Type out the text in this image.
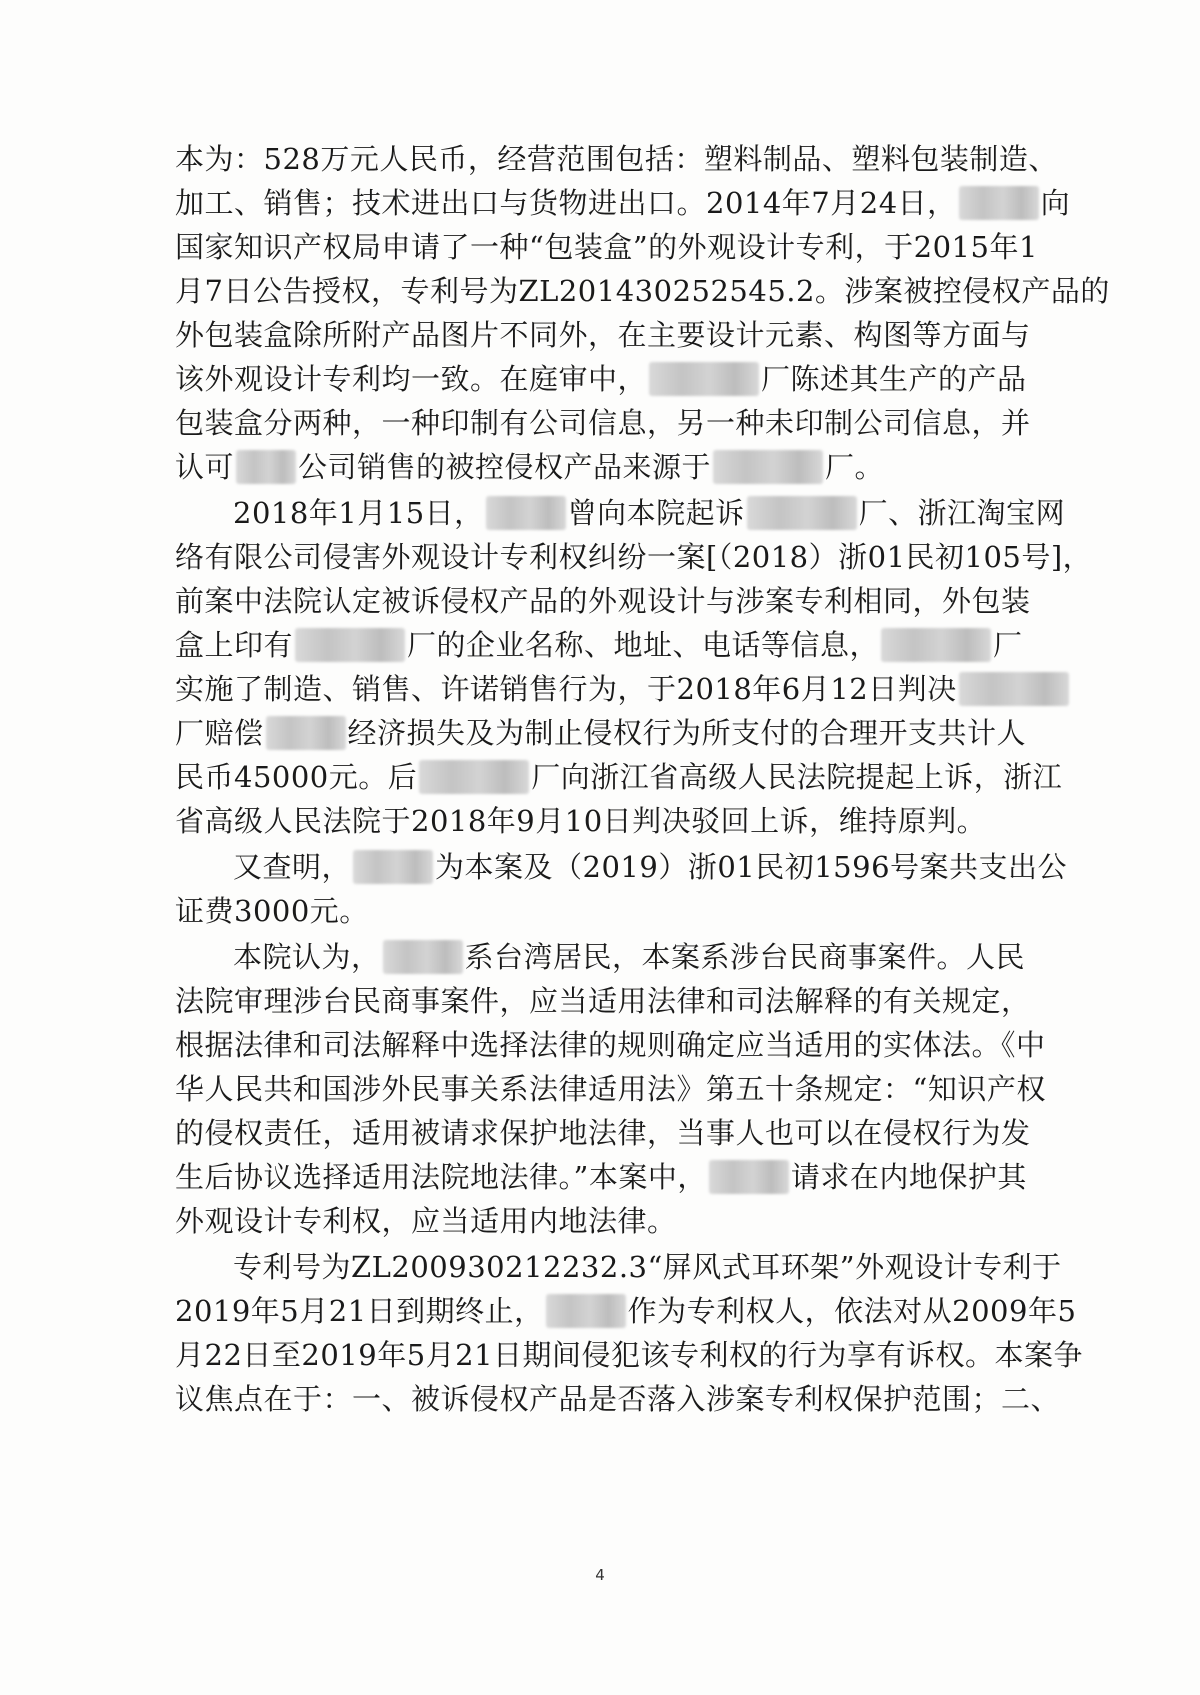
本为：528万元人民币，经营范围包括：塑料制品、塑料包装制造、
加工、销售；技术进出口与货物进出口。2014年7月24日，	向
国家知识产权局申请了一种“包装盒”的外观设计专利，于2015年1
月7日公告授权，专利号为ZL201430252545.2。涉案被控侵权产品的
外包装盒除所附产品图片不同外，在主要设计元素、构图等方面与
该外观设计专利均一致。在庭审中，	厂陈述其生产的产品
包装盒分两种，一种印制有公司信息，另一种未印制公司信息，并
认可 公司销售的被控侵权产品来源于	厂。
2018年1月15日，	曾向本院起诉	厂、浙江淘宝网
络有限公司侵害外观设计专利权纠纷一案[（2018）浙01民初105号]，
前案中法院认定被诉侵权产品的外观设计与涉案专利相同，外包装
盒上印有	厂的企业名称、地址、电话等信息，	厂
实施了制造、销售、许诺销售行为，于2018年6月12日判决
厂赔偿	经济损失及为制止侵权行为所支付的合理开支共计人
民币45000元。后	厂向浙江省高级人民法院提起上诉，浙江
省高级人民法院于2018年9月10日判决驳回上诉，维持原判。
又查明，	为本案及（2019）浙01民初1596号案共支出公
证费3000元。
本院认为，	系台湾居民，本案系涉台民商事案件。人民
法院审理涉台民商事案件，应当适用法律和司法解释的有关规定，
根据法律和司法解释中选择法律的规则确定应当适用的实体法。《中
华人民共和国涉外民事关系法律适用法》第五十条规定：“知识产权
的侵权责任，适用被请求保护地法律，当事人也可以在侵权行为发
生后协议选择适用法院地法律。”本案中，	请求在内地保护其
外观设计专利权，应当适用内地法律。
专利号为ZL200930212232.3“屏风式耳环架”外观设计专利于
2019年5月21日到期终止，	作为专利权人，依法对从2009年5
月22日至2019年5月21日期间侵犯该专利权的行为享有诉权。本案争
议焦点在于：一、被诉侵权产品是否落入涉案专利权保护范围；二、
4
